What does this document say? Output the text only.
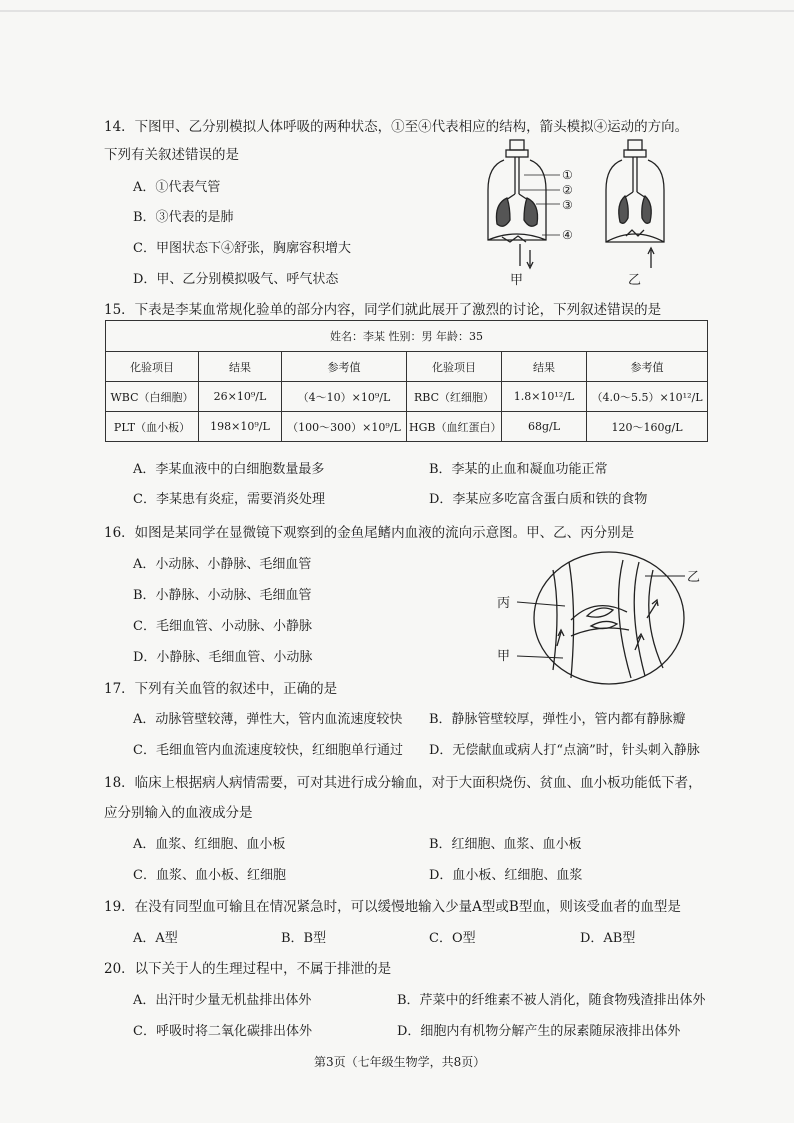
14．下图甲、乙分别模拟人体呼吸的两种状态，①至④代表相应的结构，箭头模拟④运动的方向。
下列有关叙述错误的是
A．①代表气管
B．③代表的是肺
C．甲图状态下④舒张，胸廓容积增大
D．甲、乙分别模拟吸气、呼气状态
①
②
③
④
甲	乙
15．下表是李某血常规化验单的部分内容，同学们就此展开了激烈的讨论，下列叙述错误的是
姓名：李某 性别：男 年龄：35					
化验项目	结果	参考值	化验项目	结果	参考值
WBC（白细胞）	26×10⁹/L	（4～10）×10⁹/L	RBC（红细胞）	1.8×10¹²/L	（4.0～5.5）×10¹²/L
PLT（血小板）	198×10⁹/L	（100～300）×10⁹/L	HGB（血红蛋白）	68g/L	120～160g/L
A．李某血液中的白细胞数量最多	B．李某的止血和凝血功能正常
C．李某患有炎症，需要消炎处理	D．李某应多吃富含蛋白质和铁的食物
16．如图是某同学在显微镜下观察到的金鱼尾鳍内血液的流向示意图。甲、乙、丙分别是
A．小动脉、小静脉、毛细血管
B．小静脉、小动脉、毛细血管
C．毛细血管、小动脉、小静脉
D．小静脉、毛细血管、小动脉
乙
丙
甲
17．下列有关血管的叙述中，正确的是
A．动脉管壁较薄，弹性大，管内血流速度较快 B．静脉管壁较厚，弹性小，管内都有静脉瓣
C．毛细血管内血流速度较快，红细胞单行通过 D．无偿献血或病人打“点滴”时，针头刺入静脉
18．临床上根据病人病情需要，可对其进行成分输血，对于大面积烧伤、贫血、血小板功能低下者，
应分别输入的血液成分是
A．血浆、红细胞、血小板	B．红细胞、血浆、血小板
C．血浆、血小板、红细胞	D．血小板、红细胞、血浆
19．在没有同型血可输且在情况紧急时，可以缓慢地输入少量A型或B型血，则该受血者的血型是
A．A型	B．B型	C．O型	D．AB型
20．以下关于人的生理过程中，不属于排泄的是
A．出汗时少量无机盐排出体外	B．芹菜中的纤维素不被人消化，随食物残渣排出体外
C．呼吸时将二氧化碳排出体外	D．细胞内有机物分解产生的尿素随尿液排出体外
第3页（七年级生物学，共8页）
